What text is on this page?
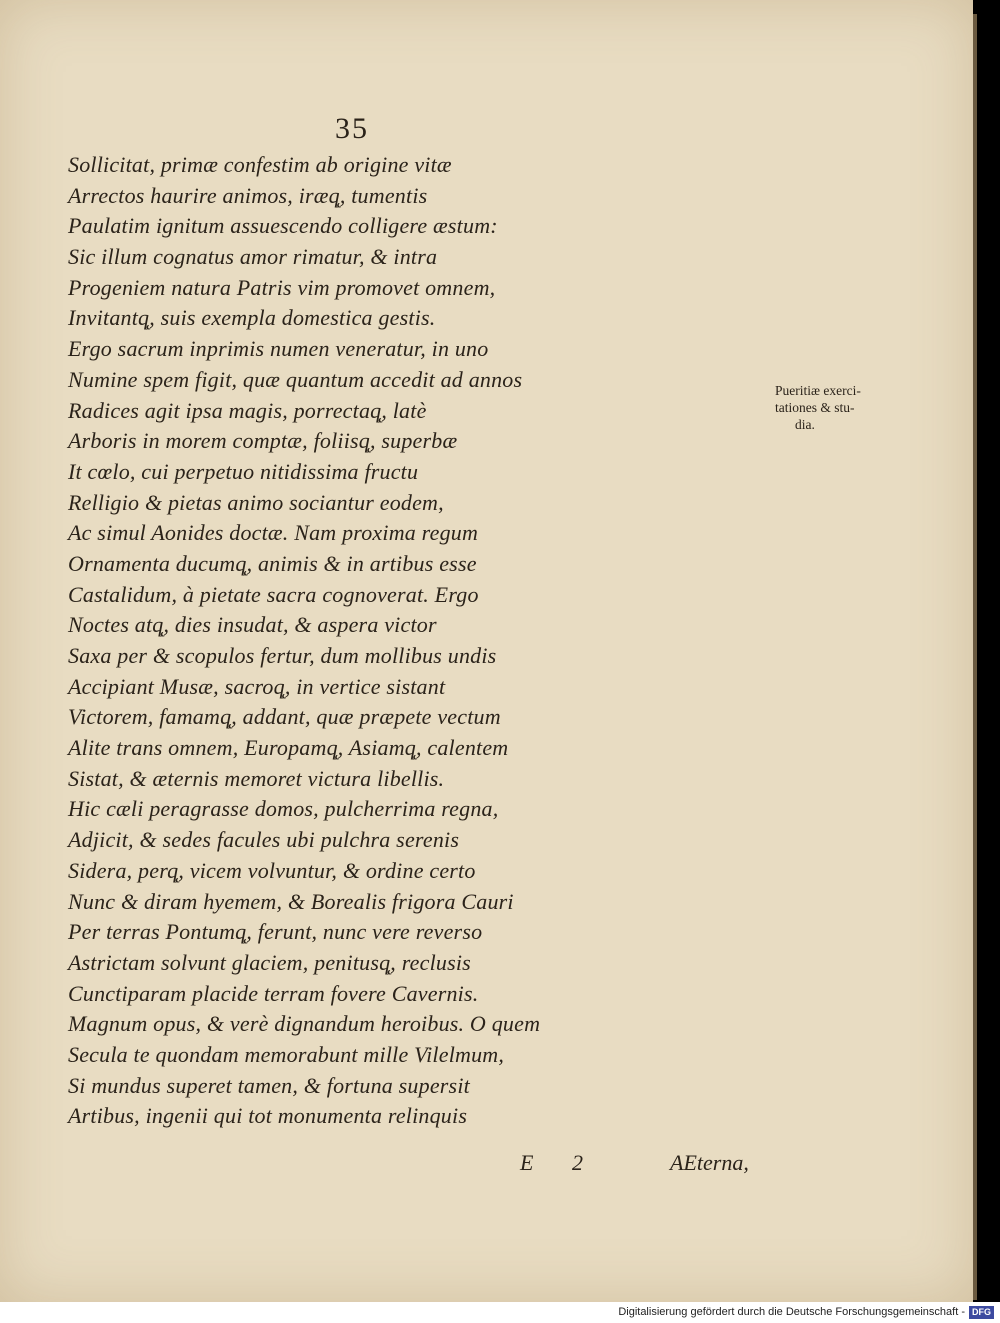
35
Sollicitat, primæ confestim ab origine vitæ
Arrectos haurire animos, iræq̨, tumentis
Paulatim ignitum assuescendo colligere æstum:
Sic illum cognatus amor rimatur, & intra
Progeniem natura Patris vim promovet omnem,
Invitantq̨, suis exempla domestica gestis.
Ergo sacrum inprimis numen veneratur, in uno
Numine spem figit, quæ quantum accedit ad annos
Radices agit ipsa magis, porrectaq̨, latè
Arboris in morem comptæ, foliisq̨, superbæ
It cœlo, cui perpetuo nitidissima fructu
Relligio & pietas animo sociantur eodem,
Ac simul Aonides doctæ. Nam proxima regum
Ornamenta ducumq̨, animis & in artibus esse
Castalidum, à pietate sacra cognoverat. Ergo
Noctes atq̨, dies insudat, & aspera victor
Saxa per & scopulos fertur, dum mollibus undis
Accipiant Musæ, sacroq̨, in vertice sistant
Victorem, famamq̨, addant, quæ præpete vectum
Alite trans omnem, Europamq̨, Asiamq̨, calentem
Sistat, & æternis memoret victura libellis.
Hic cæli peragrasse domos, pulcherrima regna,
Adjicit, & sedes facules ubi pulchra serenis
Sidera, perq̨, vicem volvuntur, & ordine certo
Nunc & diram hyemem, & Borealis frigora Cauri
Per terras Pontumq̨, ferunt, nunc vere reverso
Astrictam solvunt glaciem, penitusq̨, reclusis
Cunctiparam placide terram fovere Cavernis.
Magnum opus, & verè dignandum heroibus. O quem
Secula te quondam memorabunt mille Vilelmum,
Si mundus superet tamen, & fortuna supersit
Artibus, ingenii qui tot monumenta relinquis
Pueritiæ exerci-
tationes & stu-
dia.
E 2	AEterna,
Digitalisierung gefördert durch die Deutsche Forschungsgemeinschaft - DFG
